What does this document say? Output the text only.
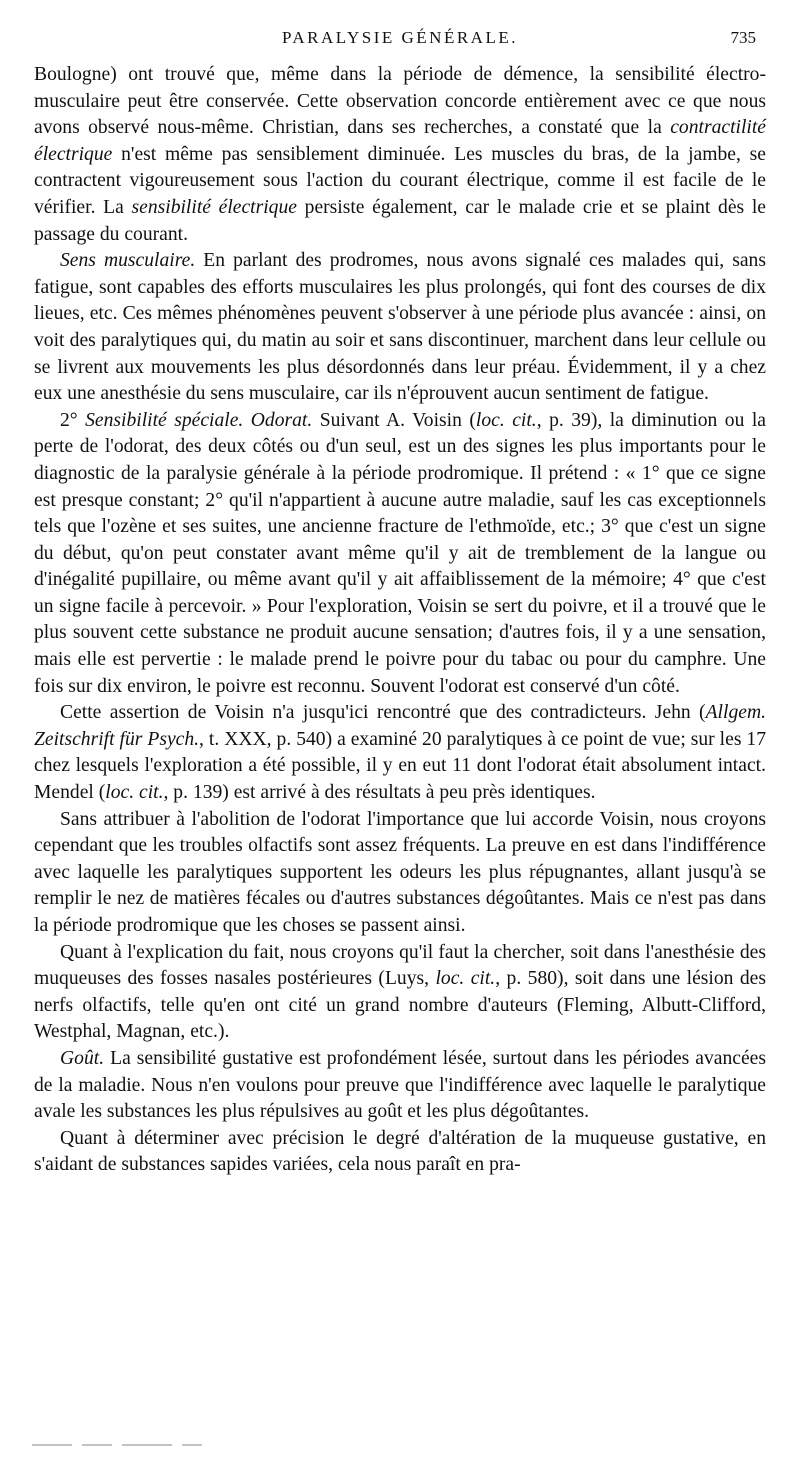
PARALYSIE GÉNÉRALE.	735

Boulogne) ont trouvé que, même dans la période de démence, la sensibilité électro-musculaire peut être conservée. Cette observation concorde entièrement avec ce que nous avons observé nous-même. Christian, dans ses recherches, a constaté que la contractilité électrique n'est même pas sensiblement diminuée. Les muscles du bras, de la jambe, se contractent vigoureusement sous l'action du courant électrique, comme il est facile de le vérifier. La sensibilité électrique persiste également, car le malade crie et se plaint dès le passage du courant.

Sens musculaire. En parlant des prodromes, nous avons signalé ces malades qui, sans fatigue, sont capables des efforts musculaires les plus prolongés, qui font des courses de dix lieues, etc. Ces mêmes phénomènes peuvent s'observer à une période plus avancée : ainsi, on voit des paralytiques qui, du matin au soir et sans discontinuer, marchent dans leur cellule ou se livrent aux mouvements les plus désordonnés dans leur préau. Évidemment, il y a chez eux une anesthésie du sens musculaire, car ils n'éprouvent aucun sentiment de fatigue.

2° Sensibilité spéciale. Odorat. Suivant A. Voisin (loc. cit., p. 39), la diminution ou la perte de l'odorat, des deux côtés ou d'un seul, est un des signes les plus importants pour le diagnostic de la paralysie générale à la période prodromique. Il prétend : « 1° que ce signe est presque constant; 2° qu'il n'appartient à aucune autre maladie, sauf les cas exceptionnels tels que l'ozène et ses suites, une ancienne fracture de l'ethmoïde, etc.; 3° que c'est un signe du début, qu'on peut constater avant même qu'il y ait de tremblement de la langue ou d'inégalité pupillaire, ou même avant qu'il y ait affaiblissement de la mémoire; 4° que c'est un signe facile à percevoir. » Pour l'exploration, Voisin se sert du poivre, et il a trouvé que le plus souvent cette substance ne produit aucune sensation; d'autres fois, il y a une sensation, mais elle est pervertie : le malade prend le poivre pour du tabac ou pour du camphre. Une fois sur dix environ, le poivre est reconnu. Souvent l'odorat est conservé d'un côté.

Cette assertion de Voisin n'a jusqu'ici rencontré que des contradicteurs. Jehn (Allgem. Zeitschrift für Psych., t. XXX, p. 540) a examiné 20 paralytiques à ce point de vue; sur les 17 chez lesquels l'exploration a été possible, il y en eut 11 dont l'odorat était absolument intact. Mendel (loc. cit., p. 139) est arrivé à des résultats à peu près identiques.

Sans attribuer à l'abolition de l'odorat l'importance que lui accorde Voisin, nous croyons cependant que les troubles olfactifs sont assez fréquents. La preuve en est dans l'indifférence avec laquelle les paralytiques supportent les odeurs les plus répugnantes, allant jusqu'à se remplir le nez de matières fécales ou d'autres substances dégoûtantes. Mais ce n'est pas dans la période prodromique que les choses se passent ainsi.

Quant à l'explication du fait, nous croyons qu'il faut la chercher, soit dans l'anesthésie des muqueuses des fosses nasales postérieures (Luys, loc. cit., p. 580), soit dans une lésion des nerfs olfactifs, telle qu'en ont cité un grand nombre d'auteurs (Fleming, Albutt-Clifford, Westphal, Magnan, etc.).

Goût. La sensibilité gustative est profondément lésée, surtout dans les périodes avancées de la maladie. Nous n'en voulons pour preuve que l'indifférence avec laquelle le paralytique avale les substances les plus répulsives au goût et les plus dégoûtantes.

Quant à déterminer avec précision le degré d'altération de la muqueuse gustative, en s'aidant de substances sapides variées, cela nous paraît en pra-
